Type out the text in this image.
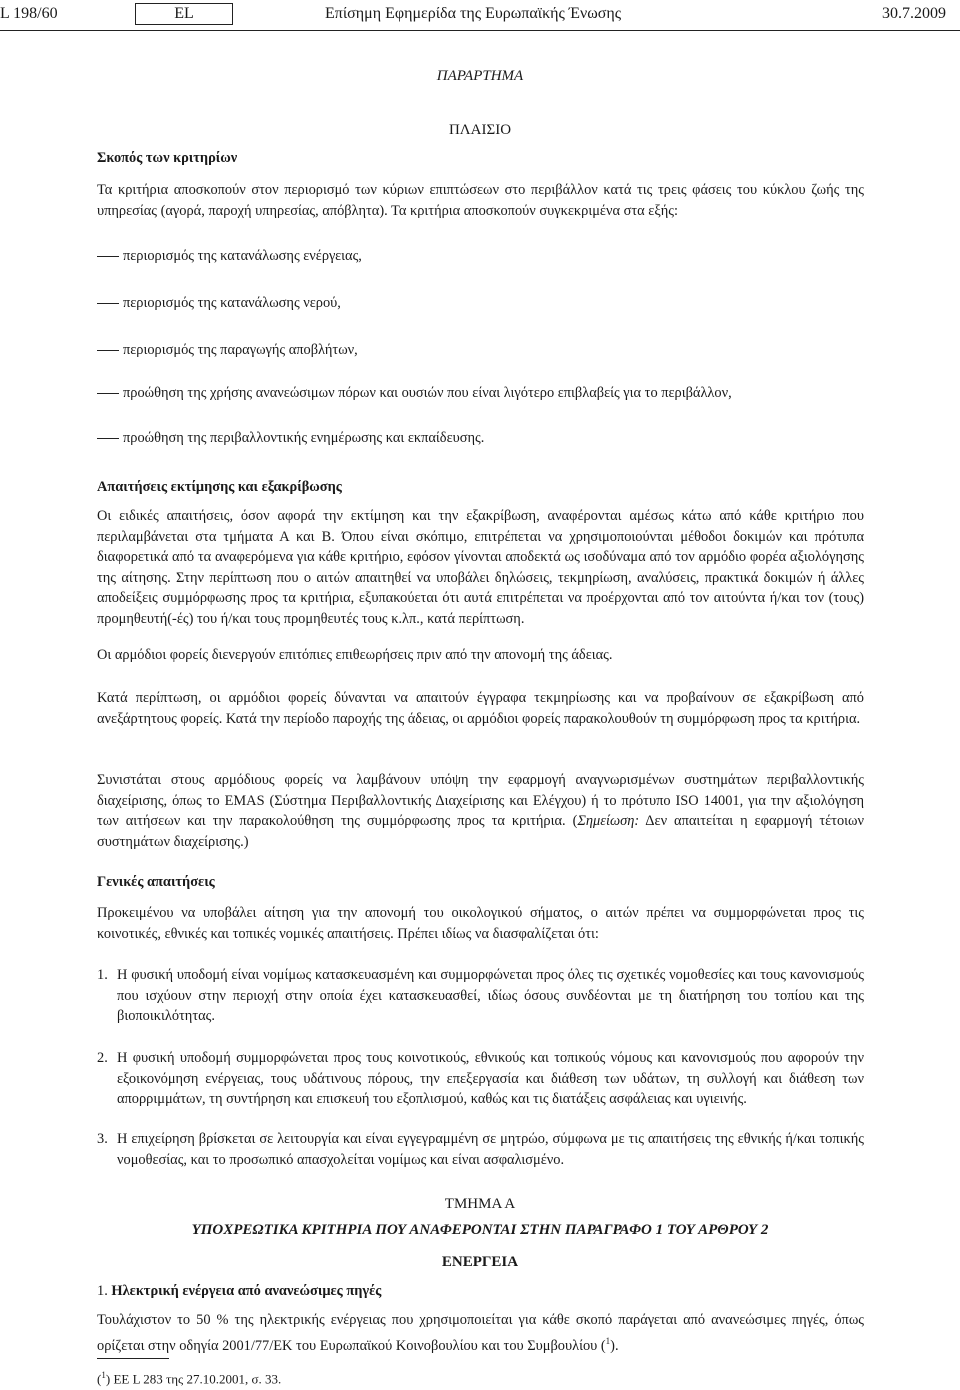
L 198/60	EL	Επίσημη Εφημερίδα της Ευρωπαϊκής Ένωσης	30.7.2009
ΠΑΡΑΡΤΗΜΑ
ΠΛΑΙΣΙΟ
Σκοπός των κριτηρίων
Τα κριτήρια αποσκοπούν στον περιορισμό των κύριων επιπτώσεων στο περιβάλλον κατά τις τρεις φάσεις του κύκλου ζωής της υπηρεσίας (αγορά, παροχή υπηρεσίας, απόβλητα). Τα κριτήρια αποσκοπούν συγκεκριμένα στα εξής:
περιορισμός της κατανάλωσης ενέργειας,
περιορισμός της κατανάλωσης νερού,
περιορισμός της παραγωγής αποβλήτων,
προώθηση της χρήσης ανανεώσιμων πόρων και ουσιών που είναι λιγότερο επιβλαβείς για το περιβάλλον,
προώθηση της περιβαλλοντικής ενημέρωσης και εκπαίδευσης.
Απαιτήσεις εκτίμησης και εξακρίβωσης
Οι ειδικές απαιτήσεις, όσον αφορά την εκτίμηση και την εξακρίβωση, αναφέρονται αμέσως κάτω από κάθε κριτήριο που περιλαμβάνεται στα τμήματα Α και Β. Όπου είναι σκόπιμο, επιτρέπεται να χρησιμοποιούνται μέθοδοι δοκιμών και πρότυπα διαφορετικά από τα αναφερόμενα για κάθε κριτήριο, εφόσον γίνονται αποδεκτά ως ισοδύναμα από τον αρμόδιο φορέα αξιολόγησης της αίτησης. Στην περίπτωση που ο αιτών απαιτηθεί να υποβάλει δηλώσεις, τεκμηρίωση, αναλύσεις, πρακτικά δοκιμών ή άλλες αποδείξεις συμμόρφωσης προς τα κριτήρια, εξυπακούεται ότι αυτά επιτρέπεται να προέρχονται από τον αιτούντα ή/και τον (τους) προμηθευτή(-ές) του ή/και τους προμηθευτές τους κ.λπ., κατά περίπτωση.
Οι αρμόδιοι φορείς διενεργούν επιτόπιες επιθεωρήσεις πριν από την απονομή της άδειας.
Κατά περίπτωση, οι αρμόδιοι φορείς δύνανται να απαιτούν έγγραφα τεκμηρίωσης και να προβαίνουν σε εξακρίβωση από ανεξάρτητους φορείς. Κατά την περίοδο παροχής της άδειας, οι αρμόδιοι φορείς παρακολουθούν τη συμμόρφωση προς τα κριτήρια.
Συνιστάται στους αρμόδιους φορείς να λαμβάνουν υπόψη την εφαρμογή αναγνωρισμένων συστημάτων περιβαλλοντικής διαχείρισης, όπως το EMAS (Σύστημα Περιβαλλοντικής Διαχείρισης και Ελέγχου) ή το πρότυπο ISO 14001, για την αξιολόγηση των αιτήσεων και την παρακολούθηση της συμμόρφωσης προς τα κριτήρια. (Σημείωση: Δεν απαιτείται η εφαρμογή τέτοιων συστημάτων διαχείρισης.)
Γενικές απαιτήσεις
Προκειμένου να υποβάλει αίτηση για την απονομή του οικολογικού σήματος, ο αιτών πρέπει να συμμορφώνεται προς τις κοινοτικές, εθνικές και τοπικές νομικές απαιτήσεις. Πρέπει ιδίως να διασφαλίζεται ότι:
1. Η φυσική υποδομή είναι νομίμως κατασκευασμένη και συμμορφώνεται προς όλες τις σχετικές νομοθεσίες και τους κανονισμούς που ισχύουν στην περιοχή στην οποία έχει κατασκευασθεί, ιδίως όσους συνδέονται με τη διατήρηση του τοπίου και της βιοποικιλότητας.
2. Η φυσική υποδομή συμμορφώνεται προς τους κοινοτικούς, εθνικούς και τοπικούς νόμους και κανονισμούς που αφορούν την εξοικονόμηση ενέργειας, τους υδάτινους πόρους, την επεξεργασία και διάθεση των υδάτων, τη συλλογή και διάθεση των απορριμμάτων, τη συντήρηση και επισκευή του εξοπλισμού, καθώς και τις διατάξεις ασφάλειας και υγιεινής.
3. Η επιχείρηση βρίσκεται σε λειτουργία και είναι εγγεγραμμένη σε μητρώο, σύμφωνα με τις απαιτήσεις της εθνικής ή/και τοπικής νομοθεσίας, και το προσωπικό απασχολείται νομίμως και είναι ασφαλισμένο.
ΤΜΗΜΑ Α
ΥΠΟΧΡΕΩΤΙΚΑ ΚΡΙΤΗΡΙΑ ΠΟΥ ΑΝΑΦΕΡΟΝΤΑΙ ΣΤΗΝ ΠΑΡΑΓΡΑΦΟ 1 ΤΟΥ ΑΡΘΡΟΥ 2
ΕΝΕΡΓΕΙΑ
1. Ηλεκτρική ενέργεια από ανανεώσιμες πηγές
Τουλάχιστον το 50 % της ηλεκτρικής ενέργειας που χρησιμοποιείται για κάθε σκοπό παράγεται από ανανεώσιμες πηγές, όπως ορίζεται στην οδηγία 2001/77/ΕΚ του Ευρωπαϊκού Κοινοβουλίου και του Συμβουλίου ($^1$).
($^1$) ΕΕ L 283 της 27.10.2001, σ. 33.
